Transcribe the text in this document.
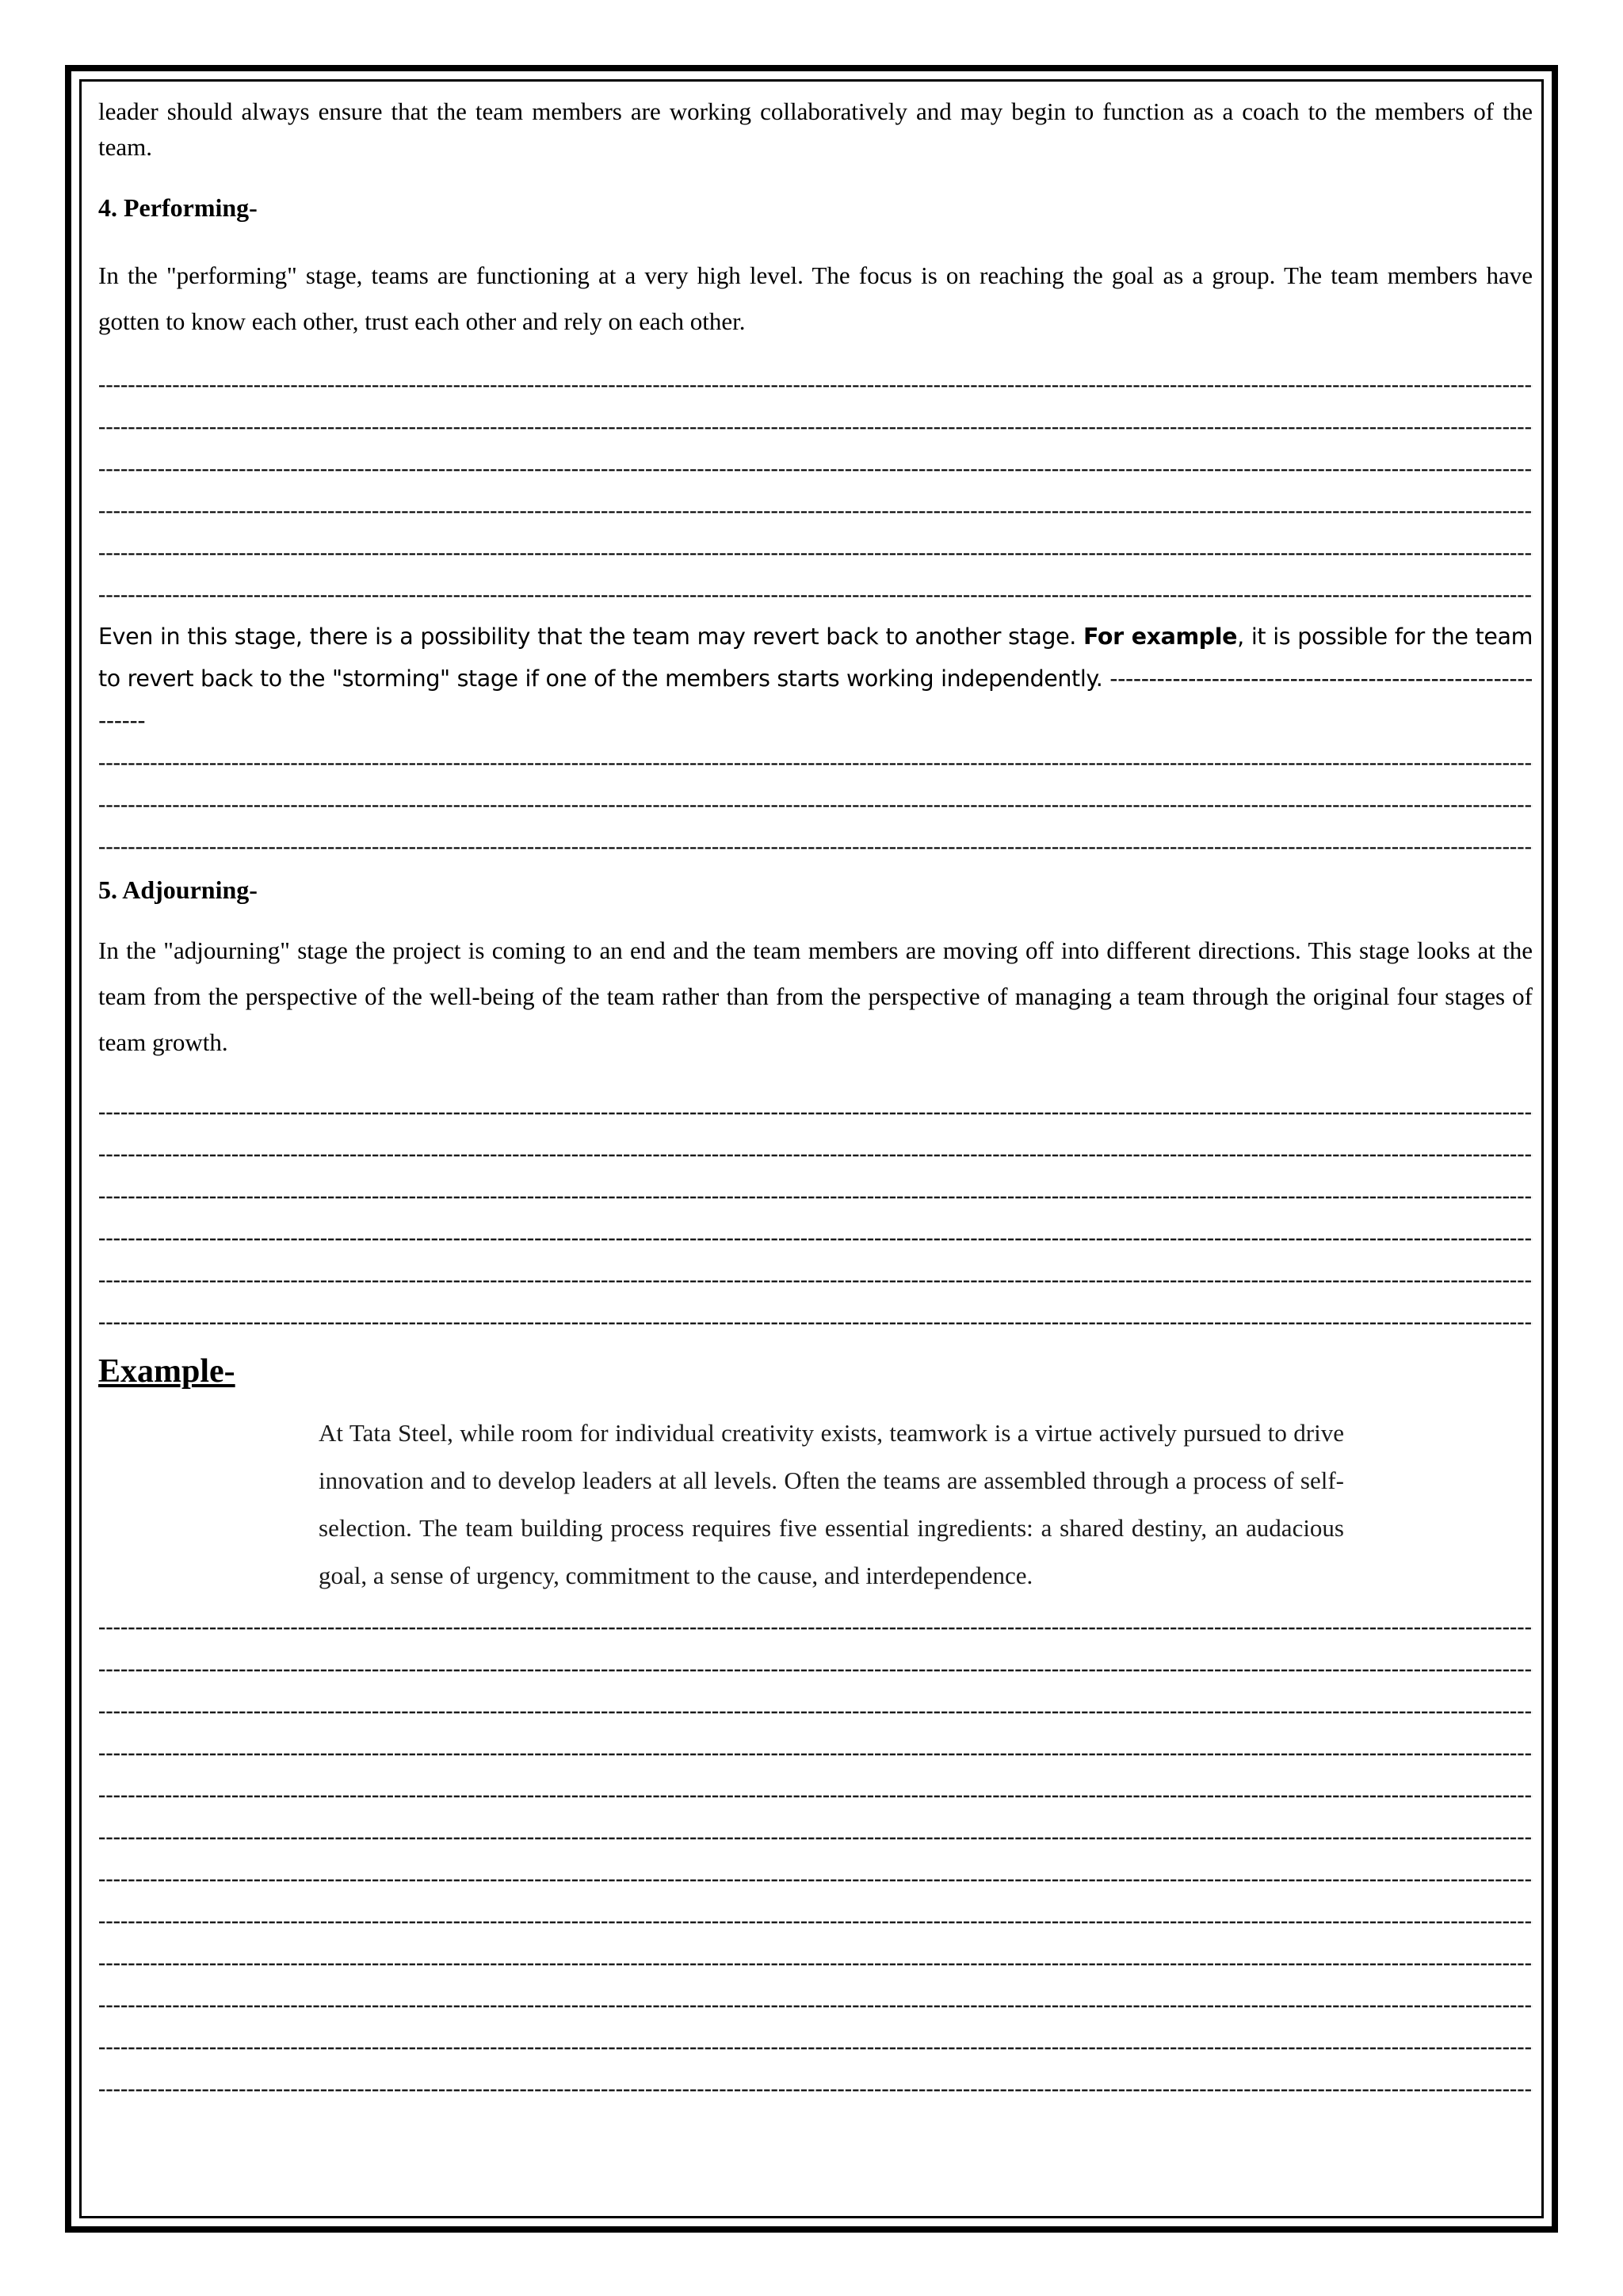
leader should always ensure that the team members are working collaboratively and may begin to function as a coach to the members of the team.

4. Performing-

In the "performing" stage, teams are functioning at a very high level. The focus is on reaching the goal as a group. The team members have gotten to know each other, trust each other and rely on each other.

-----
-----
-----
-----
-----
-----

Even in this stage, there is a possibility that the team may revert back to another stage. For example, it is possible for the team to revert back to the "storming" stage if one of the members starts working independently. -----

-----
-----
-----
5. Adjourning-

In the "adjourning" stage the project is coming to an end and the team members are moving off into different directions. This stage looks at the team from the perspective of the well-being of the team rather than from the perspective of managing a team through the original four stages of team growth.

-----
-----
-----
-----
-----
-----
Example-

At Tata Steel, while room for individual creativity exists, teamwork is a virtue actively pursued to drive innovation and to develop leaders at all levels. Often the teams are assembled through a process of self-selection. The team building process requires five essential ingredients: a shared destiny, an audacious goal, a sense of urgency, commitment to the cause, and interdependence.

-----
-----
-----
-----
-----
-----
-----
-----
-----
-----
-----
-----
